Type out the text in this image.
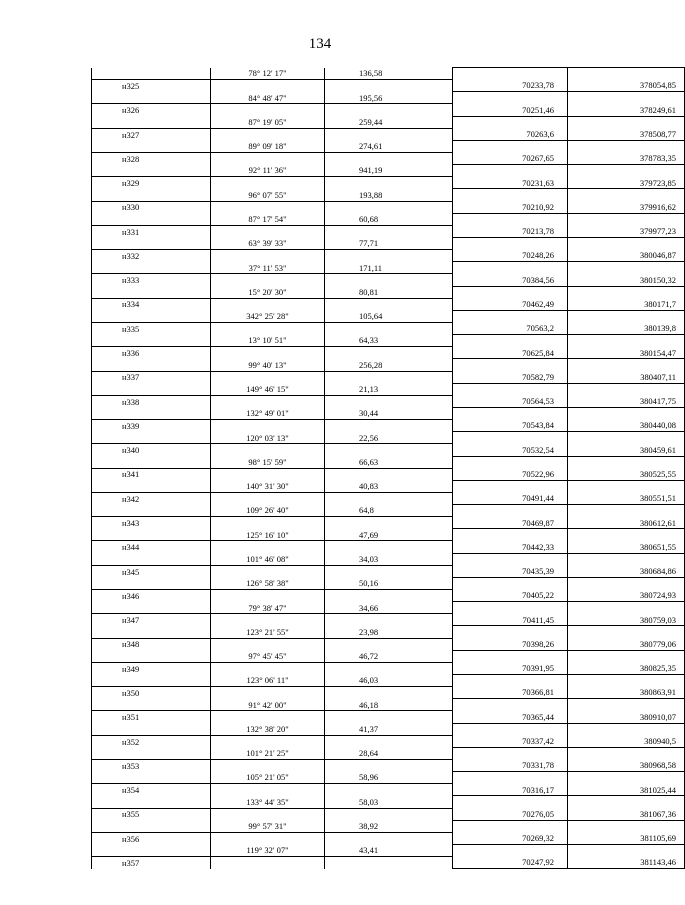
134
	78° 12' 17"	136,58		
н325			70233,78	378054,85
	84° 48' 47"	195,56		
н326			70251,46	378249,61
	87° 19' 05"	259,44		
н327			70263,6	378508,77
	89° 09' 18"	274,61		
н328			70267,65	378783,35
	92° 11' 36"	941,19		
н329			70231,63	379723,85
	96° 07' 55"	193,88		
н330			70210,92	379916,62
	87° 17' 54"	60,68		
н331			70213,78	379977,23
	63° 39' 33"	77,71		
н332			70248,26	380046,87
	37° 11' 53"	171,11		
н333			70384,56	380150,32
	15° 20' 30"	80,81		
н334			70462,49	380171,7
	342° 25' 28"	105,64		
н335			70563,2	380139,8
	13° 10' 51"	64,33		
н336			70625,84	380154,47
	99° 40' 13"	256,28		
н337			70582,79	380407,11
	149° 46' 15"	21,13		
н338			70564,53	380417,75
	132° 49' 01"	30,44		
н339			70543,84	380440,08
	120° 03' 13"	22,56		
н340			70532,54	380459,61
	98° 15' 59"	66,63		
н341			70522,96	380525,55
	140° 31' 30"	40,83		
н342			70491,44	380551,51
	109° 26' 40"	64,8		
н343			70469,87	380612,61
	125° 16' 10"	47,69		
н344			70442,33	380651,55
	101° 46' 08"	34,03		
н345			70435,39	380684,86
	126° 58' 38"	50,16		
н346			70405,22	380724,93
	79° 38' 47"	34,66		
н347			70411,45	380759,03
	123° 21' 55"	23,98		
н348			70398,26	380779,06
	97° 45' 45"	46,72		
н349			70391,95	380825,35
	123° 06' 11"	46,03		
н350			70366,81	380863,91
	91° 42' 00"	46,18		
н351			70365,44	380910,07
	132° 38' 20"	41,37		
н352			70337,42	380940,5
	101° 21' 25"	28,64		
н353			70331,78	380968,58
	105° 21' 05"	58,96		
н354			70316,17	381025,44
	133° 44' 35"	58,03		
н355			70276,05	381067,36
	99° 57' 31"	38,92		
н356			70269,32	381105,69
	119° 32' 07"	43,41		
н357			70247,92	381143,46
